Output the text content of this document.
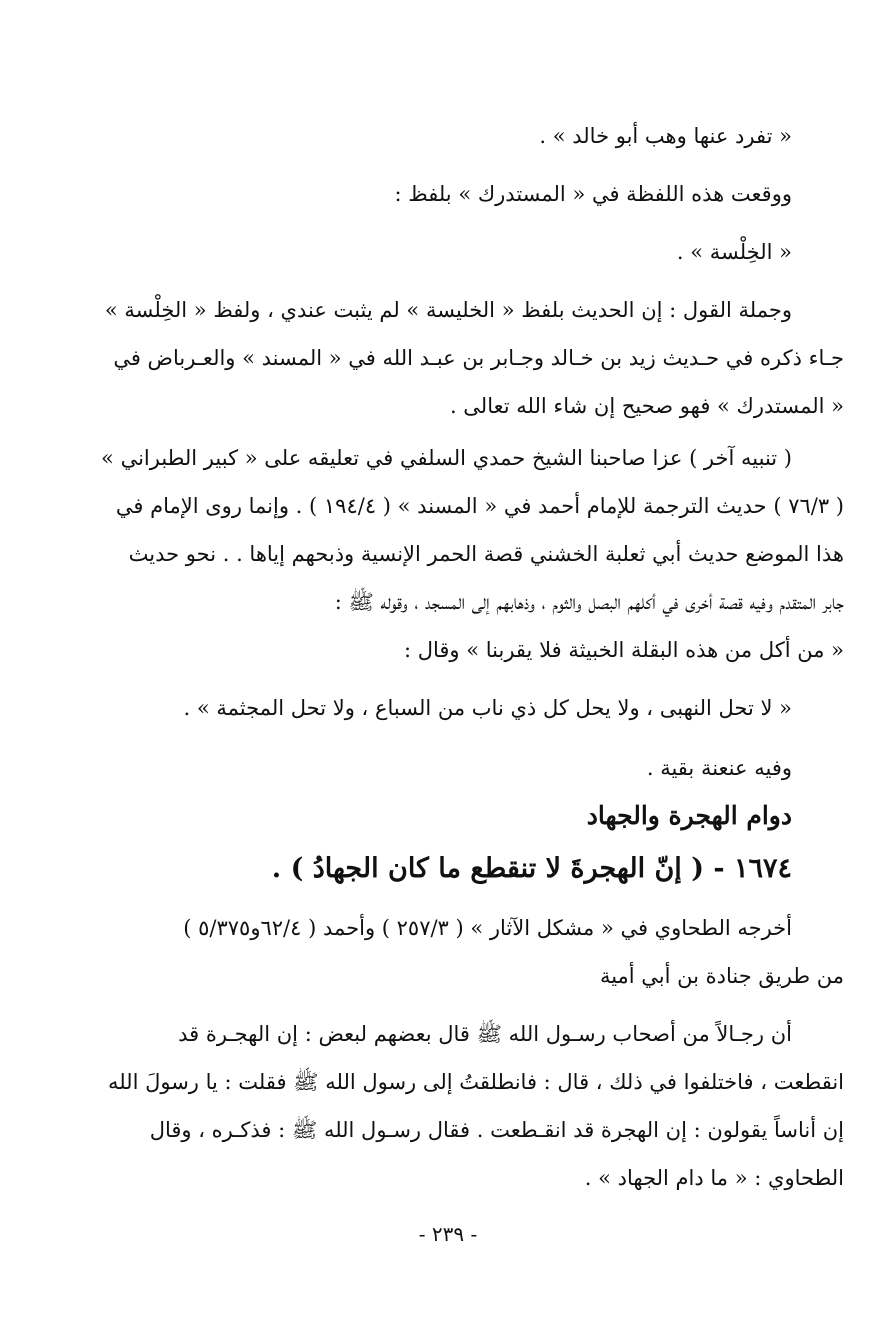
« تفرد عنها وهب أبو خالد » .
ووقعت هذه اللفظة في « المستدرك » بلفظ :
« الخِلْسة » .
وجملة القول : إن الحديث بلفظ « الخليسة » لم يثبت عندي ، ولفظ « الخِلْسة »
جـاء ذكره في حـديث زيد بن خـالد وجـابر بن عبـد الله في « المسند » والعـرباض في
« المستدرك » فهو صحيح إن شاء الله تعالى .
( تنبيه آخر ) عزا صاحبنا الشيخ حمدي السلفي في تعليقه على « كبير الطبراني »
( ٧٦/٣ ) حديث الترجمة للإمام أحمد في « المسند » ( ١٩٤/٤ ) . وإنما روى الإمام في
هذا الموضع حديث أبي ثعلبة الخشني قصة الحمر الإنسية وذبحهم إياها . . نحو حديث
جابر المتقدم وفيه قصة أخرى في أكلهم البصل والثوم ، وذهابهم إلى المسجد ، وقوله ﷺ :
« من أكل من هذه البقلة الخبيثة فلا يقربنا » وقال :
« لا تحل النهبى ، ولا يحل كل ذي ناب من السباع ، ولا تحل المجثمة » .
وفيه عنعنة بقية .
دوام الهجرة والجهاد
١٦٧٤ - ( إنّ الهجرةَ لا تنقطع ما كان الجهادُ ) .
أخرجه الطحاوي في « مشكل الآثار » ( ٢٥٧/٣ ) وأحمد ( ٦٢/٤و٥/٣٧٥ )
من طريق جنادة بن أبي أمية
أن رجـالاً من أصحاب رسـول الله ﷺ قال بعضهم لبعض : إن الهجـرة قد
انقطعت ، فاختلفوا في ذلك ، قال : فانطلقتُ إلى رسول الله ﷺ فقلت : يا رسولَ الله
إن أناساً يقولون : إن الهجرة قد انقـطعت . فقال رسـول الله ﷺ : فذكـره ، وقال
الطحاوي : « ما دام الجهاد » .
- ٢٣٩ -
